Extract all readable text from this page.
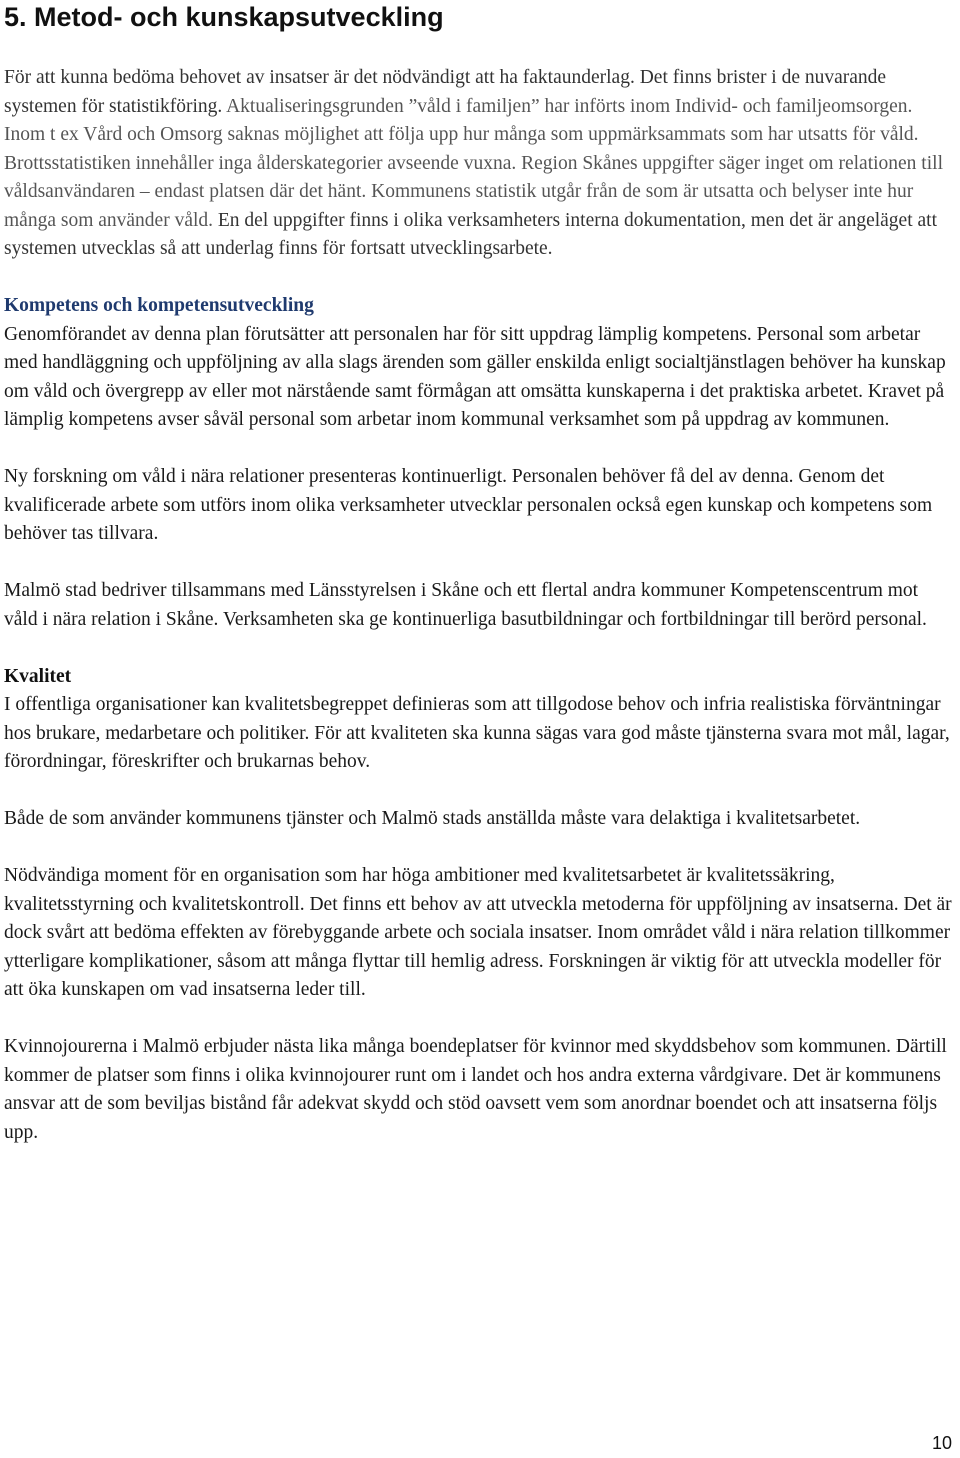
5. Metod- och kunskapsutveckling

För att kunna bedöma behovet av insatser är det nödvändigt att ha faktaunderlag. Det finns brister i de nuvarande systemen för statistikföring. Aktualiseringsgrunden ”våld i familjen” har införts inom Individ- och familjeomsorgen. Inom t ex Vård och Omsorg saknas möjlighet att följa upp hur många som uppmärksammats som har utsatts för våld. Brottsstatistiken innehåller inga ålderskategorier avseende vuxna. Region Skånes uppgifter säger inget om relationen till våldsanvändaren – endast platsen där det hänt. Kommunens statistik utgår från de som är utsatta och belyser inte hur många som använder våld. En del uppgifter finns i olika verksamheters interna dokumentation, men det är angeläget att systemen utvecklas så att underlag finns för fortsatt utvecklingsarbete.

Kompetens och kompetensutveckling

Genomförandet av denna plan förutsätter att personalen har för sitt uppdrag lämplig kompetens. Personal som arbetar med handläggning och uppföljning av alla slags ärenden som gäller enskilda enligt socialtjänstlagen behöver ha kunskap om våld och övergrepp av eller mot närstående samt förmågan att omsätta kunskaperna i det praktiska arbetet. Kravet på lämplig kompetens avser såväl personal som arbetar inom kommunal verksamhet som på uppdrag av kommunen.

Ny forskning om våld i nära relationer presenteras kontinuerligt. Personalen behöver få del av denna. Genom det kvalificerade arbete som utförs inom olika verksamheter utvecklar personalen också egen kunskap och kompetens som behöver tas tillvara.

Malmö stad bedriver tillsammans med Länsstyrelsen i Skåne och ett flertal andra kommuner Kompetenscentrum mot våld i nära relation i Skåne. Verksamheten ska ge kontinuerliga basutbildningar och fortbildningar till berörd personal.

Kvalitet

I offentliga organisationer kan kvalitetsbegreppet definieras som att tillgodose behov och infria realistiska förväntningar hos brukare, medarbetare och politiker. För att kvaliteten ska kunna sägas vara god måste tjänsterna svara mot mål, lagar, förordningar, föreskrifter och brukarnas behov.

Både de som använder kommunens tjänster och Malmö stads anställda måste vara delaktiga i kvalitetsarbetet.

Nödvändiga moment för en organisation som har höga ambitioner med kvalitetsarbetet är kvalitetssäkring, kvalitetsstyrning och kvalitetskontroll. Det finns ett behov av att utveckla metoderna för uppföljning av insatserna. Det är dock svårt att bedöma effekten av förebyggande arbete och sociala insatser. Inom området våld i nära relation tillkommer ytterligare komplikationer, såsom att många flyttar till hemlig adress. Forskningen är viktig för att utveckla modeller för att öka kunskapen om vad insatserna leder till.

Kvinnojourerna i Malmö erbjuder nästa lika många boendeplatser för kvinnor med skyddsbehov som kommunen. Därtill kommer de platser som finns i olika kvinnojourer runt om i landet och hos andra externa vårdgivare. Det är kommunens ansvar att de som beviljas bistånd får adekvat skydd och stöd oavsett vem som anordnar boendet och att insatserna följs upp.

10
